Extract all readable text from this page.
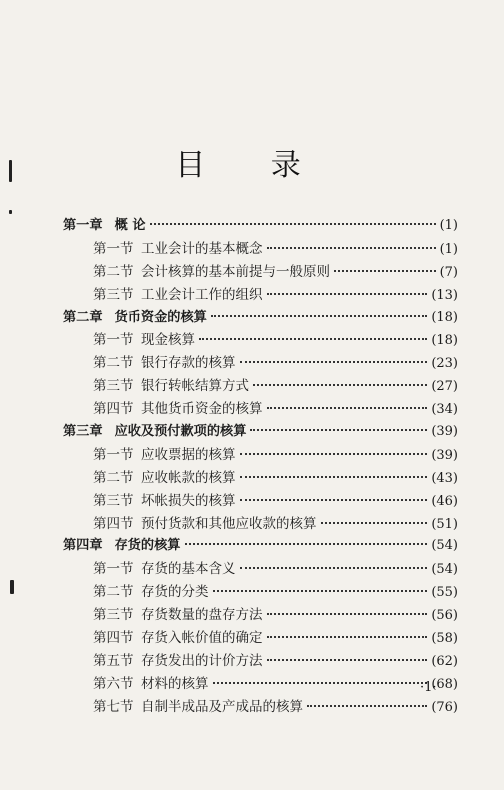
目 录
第一章 概 论	(1)
第一节 工业会计的基本概念	(1)
第二节 会计核算的基本前提与一般原则	(7)
第三节 工业会计工作的组织	(13)
第二章 货币资金的核算	(18)
第一节 现金核算	(18)
第二节 银行存款的核算	(23)
第三节 银行转帐结算方式	(27)
第四节 其他货币资金的核算	(34)
第三章 应收及预付歉项的核算	(39)
第一节 应收票据的核算	(39)
第二节 应收帐款的核算	(43)
第三节 坏帐损失的核算	(46)
第四节 预付货款和其他应收款的核算	(51)
第四章 存货的核算	(54)
第一节 存货的基本含义	(54)
第二节 存货的分类	(55)
第三节 存货数量的盘存方法	(56)
第四节 存货入帐价值的确定	(58)
第五节 存货发出的计价方法	(62)
第六节 材料的核算	(68)
第七节 自制半成品及产成品的核算	(76)
·1·
